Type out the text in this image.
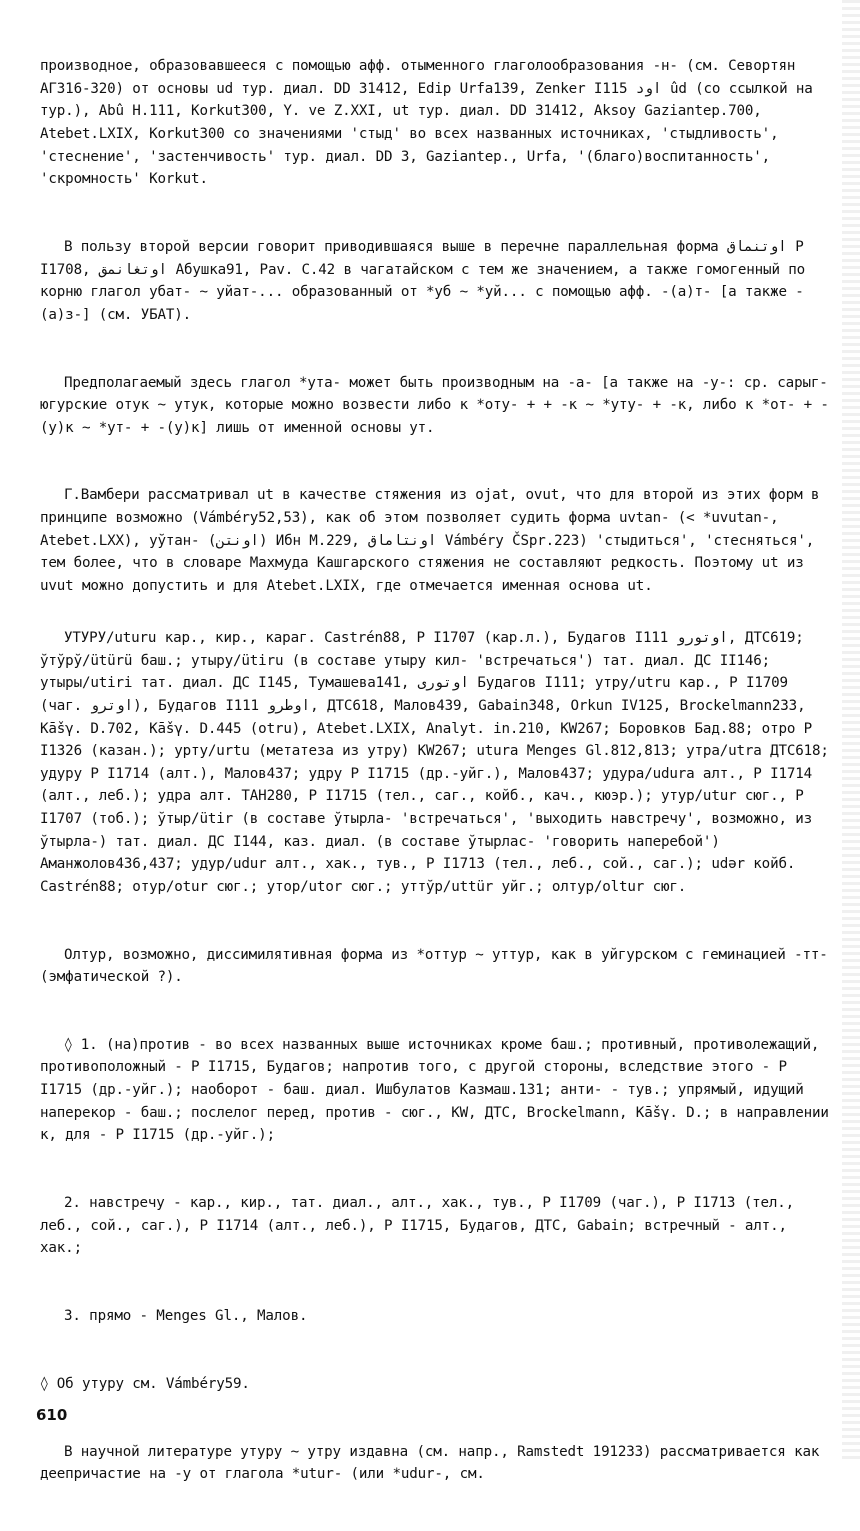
производное, образовавшееся с помощью афф. отыменного глаголообразования -н- (см. Севортян АГ316-320) от основы ud тур. диал. DD 31412, Edip Urfa139, Zenker I115 اود ûd (со ссылкой на тур.), Abû H.111, Korkut300, Y. ve Z.XXI, ut тур. диал. DD 31412, Aksoy Gaziantep.700, Atebet.LXIX, Korkut300 со значениями 'стыд' во всех названных источниках, 'стыдливость', 'стеснение', 'застенчивость' тур. диал. DD 3, Gaziantep., Urfa, '(благо)воспитанность', 'скромность' Korkut.

В пользу второй версии говорит приводившаяся выше в перечне параллельная форма اوتنماق P I1708, اوتغانمق Абушка91, Pav. C.42 в чагатайском с тем же значением, а также гомогенный по корню глагол убат- ~ уйат-... образованный от *уб ~ *уй... с помощью афф. -(а)т- [а также -(а)з-] (см. УБАТ).

Предполагаемый здесь глагол *ута- может быть производным на -а- [а также на -у-: ср. сарыг-югурские отук ~ утук, которые можно возвести либо к *оту- + + -к ~ *уту- + -к, либо к *от- + -(у)к ~ *ут- + -(у)к] лишь от именной основы ут.

Г.Вамбери рассматривал ut в качестве стяжения из ojat, ovut, что для второй из этих форм в принципе возможно (Vámbéry52,53), как об этом позволяет судить форма uvtan- (< *uvutan-, Atebet.LXX), уўтан- (اونتن) Ибн М.229, اونتاماق Vámbéry ČSpr.223) 'стыдиться', 'стесняться', тем более, что в словаре Махмуда Кашгарского стяжения не составляют редкость. Поэтому ut из uvut можно допустить и для Atebet.LXIX, где отмечается именная основа ut.

УТУРУ/uturu кар., кир., караг. Castrén88, P I1707 (кар.л.), Будагов I111 اوتورو, ДТС619; ўтўрў/ütürü баш.; утыру/ütiru (в составе утыру кил- 'встречаться') тат. диал. ДС II146; утыры/utiri тат. диал. ДС I145, Тумашева141, اوتورى Будагов I111; утру/utru кар., P I1709 (чаг. اوترو), Будагов I111 اوطرو, ДТС618, Малов439, Gabain348, Orkun IV125, Brockelmann233, Kāšγ. D.702, Kāšγ. D.445 (otru), Atebet.LXIX, Analyt. in.210, KW267; Боровков Бад.88; отро P I1326 (казан.); урту/urtu (метатеза из утру) KW267; utura Menges Gl.812,813; утра/utra ДТС618; удуру P I1714 (алт.), Малов437; удру P I1715 (др.-уйг.), Малов437; удура/udura алт., P I1714 (алт., леб.); удра алт. ТАН280, P I1715 (тел., саг., койб., кач., кюэр.); утур/utur сюг., P I1707 (тоб.); ўтыр/ütir (в составе ўтырла- 'встречаться', 'выходить навстречу', возможно, из ўтырла-) тат. диал. ДС I144, каз. диал. (в составе ўтырлас- 'говорить наперебой') Аманжолов436,437; удур/udur алт., хак., тув., P I1713 (тел., леб., сой., саг.); udər койб. Castrén88; отур/otur сюг.; утор/utor сюг.; уттўр/uttür уйг.; олтур/oltur сюг.

Олтур, возможно, диссимилятивная форма из *оттур ~ уттур, как в уйгурском с геминацией -тт- (эмфатической ?).

◊ 1. (на)против - во всех названных выше источниках кроме баш.; противный, противолежащий, противоположный - P I1715, Будагов; напротив того, с другой стороны, вследствие этого - P I1715 (др.-уйг.); наоборот - баш. диал. Ишбулатов Казмаш.131; анти- - тув.; упрямый, идущий наперекор - баш.; послелог перед, против - сюг., KW, ДТС, Brockelmann, Kāšγ. D.; в направлении к, для - P I1715 (др.-уйг.);

2. навстречу - кар., кир., тат. диал., алт., хак., тув., P I1709 (чаг.), P I1713 (тел., леб., сой., саг.), P I1714 (алт., леб.), P I1715, Будагов, ДТС, Gabain; встречный - алт., хак.;

3. прямо - Menges Gl., Малов.

◊ Об утуру см. Vámbéry59.

В научной литературе утуру ~ утру издавна (см. напр., Ramstedt 191233) рассматривается как деепричастие на -у от глагола *utur- (или *udur-, см.

610
